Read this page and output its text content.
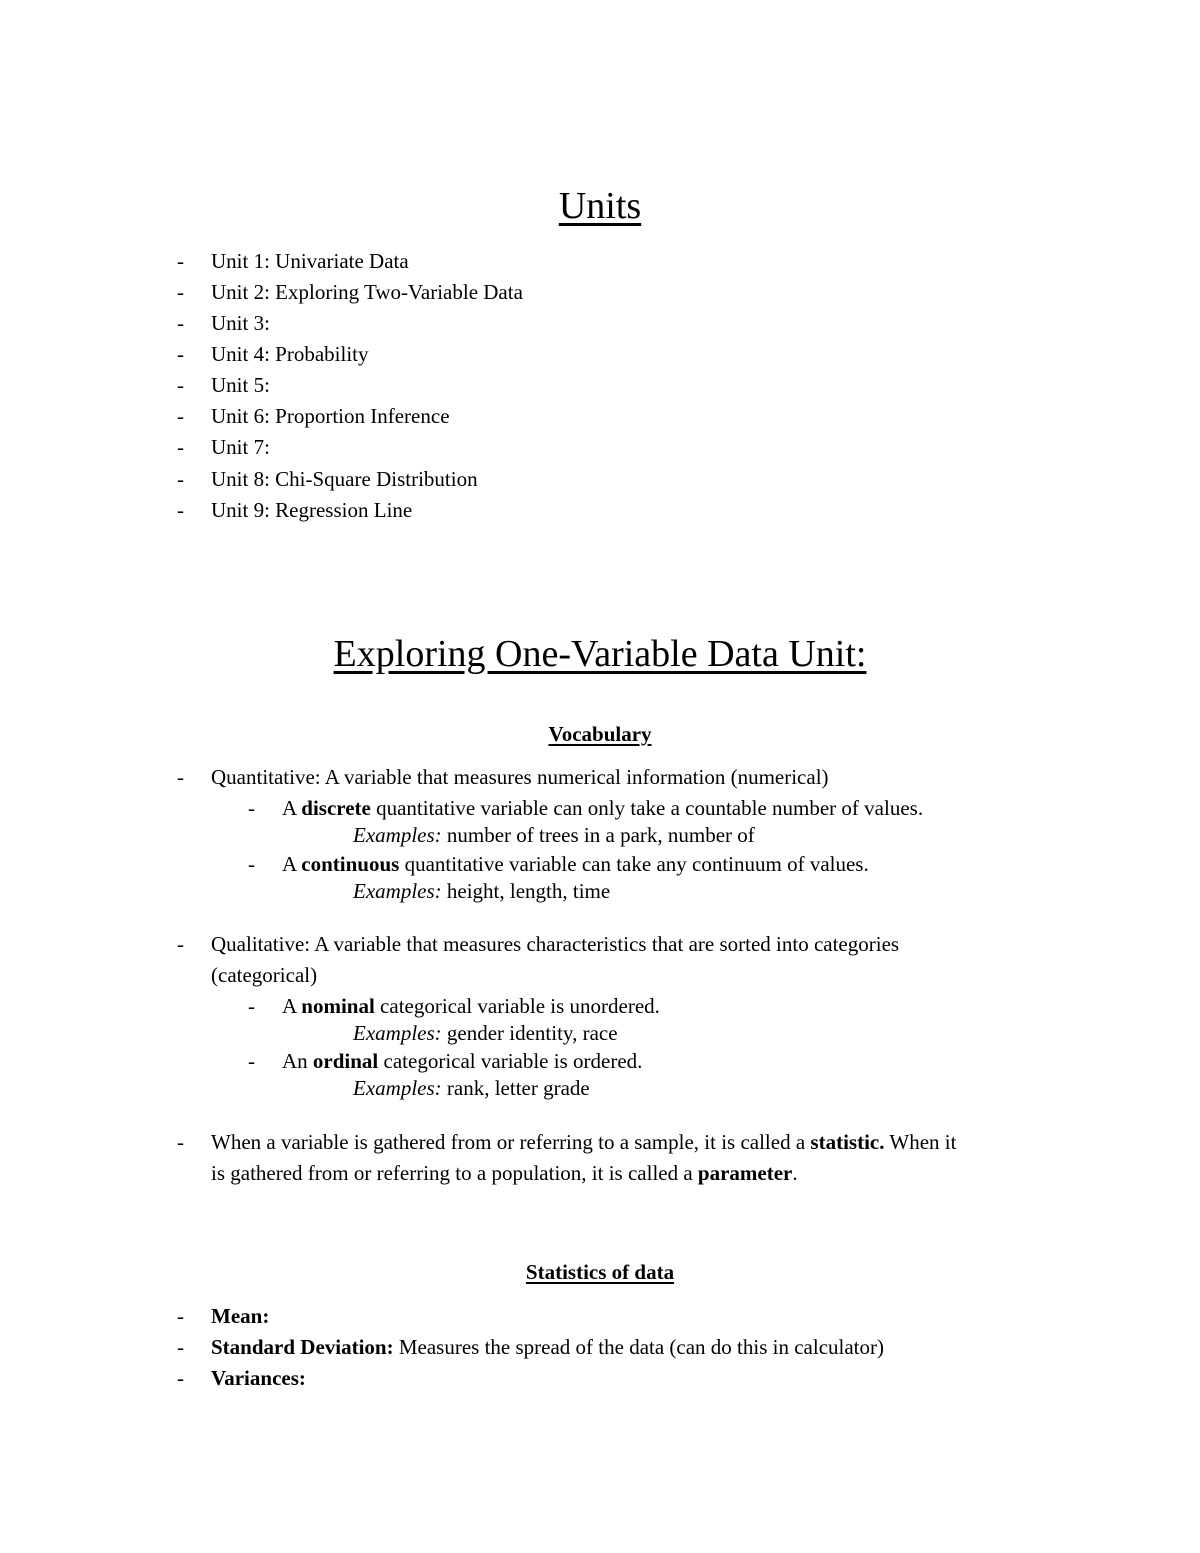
Units
- Unit 1: Univariate Data
- Unit 2: Exploring Two-Variable Data
- Unit 3:
- Unit 4: Probability
- Unit 5:
- Unit 6: Proportion Inference
- Unit 7:
- Unit 8: Chi-Square Distribution
- Unit 9: Regression Line
Exploring One-Variable Data Unit:
Vocabulary
- Quantitative: A variable that measures numerical information (numerical)
- A discrete quantitative variable can only take a countable number of values.
Examples: number of trees in a park, number of
- A continuous quantitative variable can take any continuum of values.
Examples: height, length, time
- Qualitative: A variable that measures characteristics that are sorted into categories
(categorical)
- A nominal categorical variable is unordered.
Examples: gender identity, race
- An ordinal categorical variable is ordered.
Examples: rank, letter grade
- When a variable is gathered from or referring to a sample, it is called a statistic. When it
is gathered from or referring to a population, it is called a parameter.
Statistics of data
- Mean:
- Standard Deviation: Measures the spread of the data (can do this in calculator)
- Variances:
